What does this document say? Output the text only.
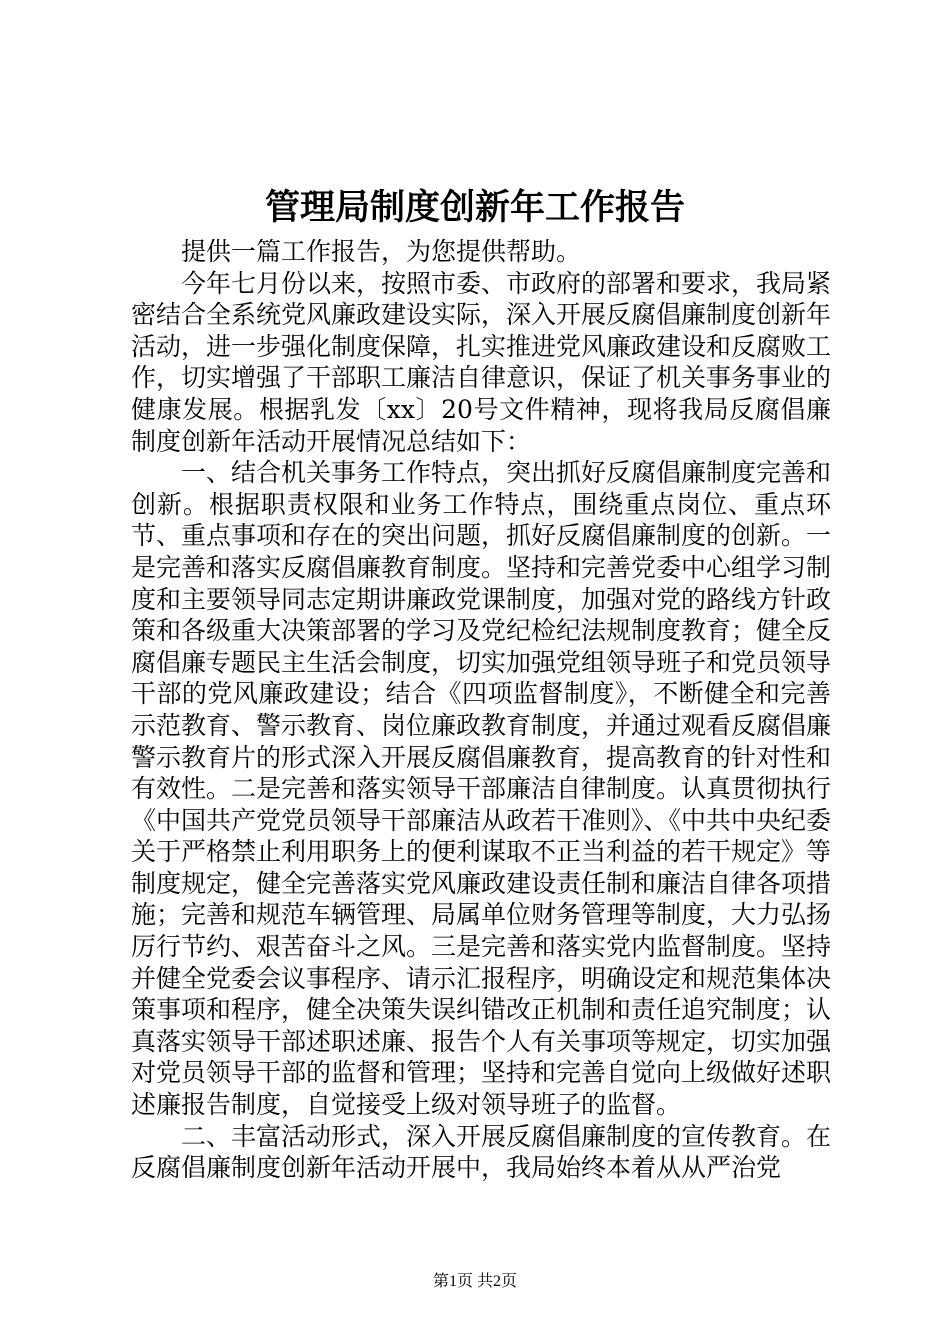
管理局制度创新年工作报告

提供一篇工作报告，为您提供帮助。

今年七月份以来，按照市委、市政府的部署和要求，我局紧密结合全系统党风廉政建设实际，深入开展反腐倡廉制度创新年活动，进一步强化制度保障，扎实推进党风廉政建设和反腐败工作，切实增强了干部职工廉洁自律意识，保证了机关事务事业的健康发展。根据乳发〔xx〕20号文件精神，现将我局反腐倡廉制度创新年活动开展情况总结如下：

一、结合机关事务工作特点，突出抓好反腐倡廉制度完善和创新。根据职责权限和业务工作特点，围绕重点岗位、重点环节、重点事项和存在的突出问题，抓好反腐倡廉制度的创新。一是完善和落实反腐倡廉教育制度。坚持和完善党委中心组学习制度和主要领导同志定期讲廉政党课制度，加强对党的路线方针政策和各级重大决策部署的学习及党纪检纪法规制度教育；健全反腐倡廉专题民主生活会制度，切实加强党组领导班子和党员领导干部的党风廉政建设；结合《四项监督制度》，不断健全和完善示范教育、警示教育、岗位廉政教育制度，并通过观看反腐倡廉警示教育片的形式深入开展反腐倡廉教育，提高教育的针对性和有效性。二是完善和落实领导干部廉洁自律制度。认真贯彻执行《中国共产党党员领导干部廉洁从政若干准则》、《中共中央纪委关于严格禁止利用职务上的便利谋取不正当利益的若干规定》等制度规定，健全完善落实党风廉政建设责任制和廉洁自律各项措施；完善和规范车辆管理、局属单位财务管理等制度，大力弘扬厉行节约、艰苦奋斗之风。三是完善和落实党内监督制度。坚持并健全党委会议事程序、请示汇报程序，明确设定和规范集体决策事项和程序，健全决策失误纠错改正机制和责任追究制度；认真落实领导干部述职述廉、报告个人有关事项等规定，切实加强对党员领导干部的监督和管理；坚持和完善自觉向上级做好述职述廉报告制度，自觉接受上级对领导班子的监督。

二、丰富活动形式，深入开展反腐倡廉制度的宣传教育。在反腐倡廉制度创新年活动开展中，我局始终本着从从严治党

第1页 共2页
